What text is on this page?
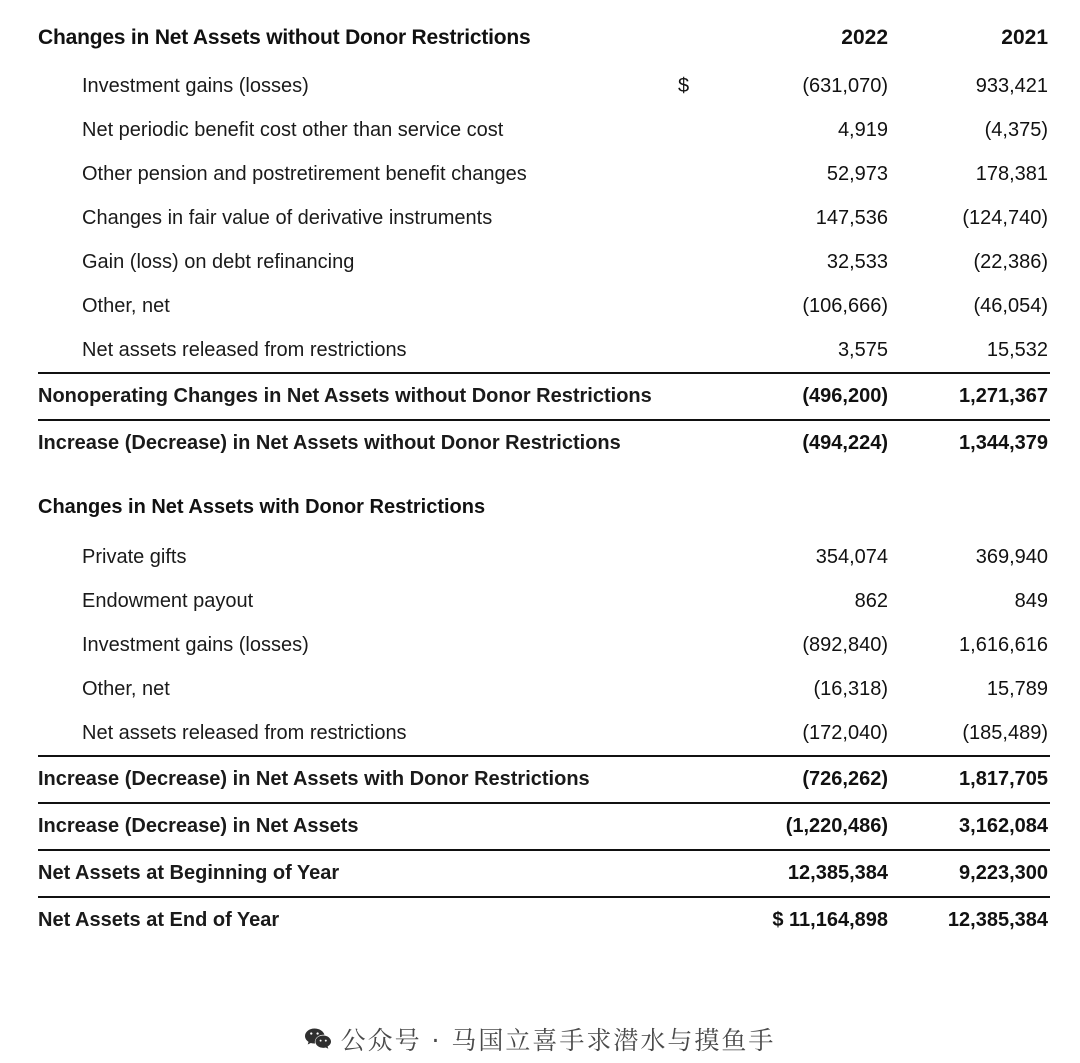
Changes in Net Assets without Donor Restrictions		2022	2021
Investment gains (losses)	$	(631,070)	933,421
Net periodic benefit cost other than service cost		4,919	(4,375)
Other pension and postretirement benefit changes		52,973	178,381
Changes in fair value of derivative instruments		147,536	(124,740)
Gain (loss) on debt refinancing		32,533	(22,386)
Other, net		(106,666)	(46,054)
Net assets released from restrictions		3,575	15,532
Nonoperating Changes in Net Assets without Donor Restrictions		(496,200)	1,271,367
Increase (Decrease) in Net Assets without Donor Restrictions		(494,224)	1,344,379
Changes in Net Assets with Donor Restrictions			
Private gifts		354,074	369,940
Endowment payout		862	849
Investment gains (losses)		(892,840)	1,616,616
Other, net		(16,318)	15,789
Net assets released from restrictions		(172,040)	(185,489)
Increase (Decrease) in Net Assets with Donor Restrictions		(726,262)	1,817,705
Increase (Decrease) in Net Assets		(1,220,486)	3,162,084
Net Assets at Beginning of Year		12,385,384	9,223,300
Net Assets at End of Year		$ 11,164,898	12,385,384
公众号 · 马国立喜手求潜水与摸鱼手
